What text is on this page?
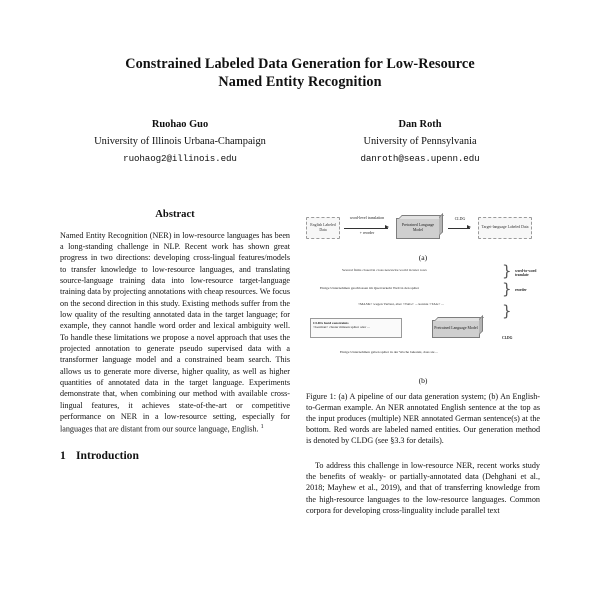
Constrained Labeled Data Generation for Low-Resource
Named Entity Recognition
Ruohao Guo
University of Illinois Urbana-Champaign
ruohaog2@illinois.edu
Dan Roth
University of Pennsylvania
danroth@seas.upenn.edu
Abstract

Named Entity Recognition (NER) in low-resource languages has been a long-standing challenge in NLP. Recent work has shown great progress in two directions: developing cross-lingual features/models to transfer knowledge to low-resource languages, and translating source-language training data into low-resource target-language training data by projecting annotations with cheap resources. We focus on the second direction in this study. Existing methods suffer from the low quality of the resulting annotated data in the target language; for example, they cannot handle word order and lexical ambiguity well. To handle these limitations we propose a novel approach that uses the projected annotation to generate pseudo supervised data with a transformer language model and a constrained beam search. This allows us to generate more diverse, higher quality, as well as higher quantities of annotated data in the target language. Experiments demonstrate that, when combining our method with available cross-lingual features, it achieves state-of-the-art or competitive performance on NER in a low-resource setting, especially for languages that are distant from our source language, English. $^1$

1 Introduction
English Labeled Data
word-level translation
+ reorder
Pretrained Language Model
CLDG
Target-language Labeled Data
(a)
Several firms closed in cross newswire world in later rows
Einige Unternehmen geschlossen im Querverkehr Welt in den später
<MASK> wegen Verlust, aber <TAG> ... konnte <TAG> ...
}
}
}
word-to-word translate
reorder
CLDG hard constraints
<German> cluster müssen später oder ...	Pretrained Language Model
CLDG
Einige Unternehmen gaben später in der Woche bekannt, dass sie ...
(b)

Figure 1: (a) A pipeline of our data generation system; (b) An English-to-German example. An NER annotated English sentence at the top as the input produces (multiple) NER annotated German sentence(s) at the bottom. Red words are labeled named entities. Our generation method is denoted by CLDG (see §3.3 for details).

To address this challenge in low-resource NER, recent works study the benefits of weakly- or partially-annotated data (Dehghani et al., 2018; Mayhew et al., 2019), and that of transferring knowledge from the high-resource languages to the low-resource languages. Common corpora for developing cross-linguality include parallel text
